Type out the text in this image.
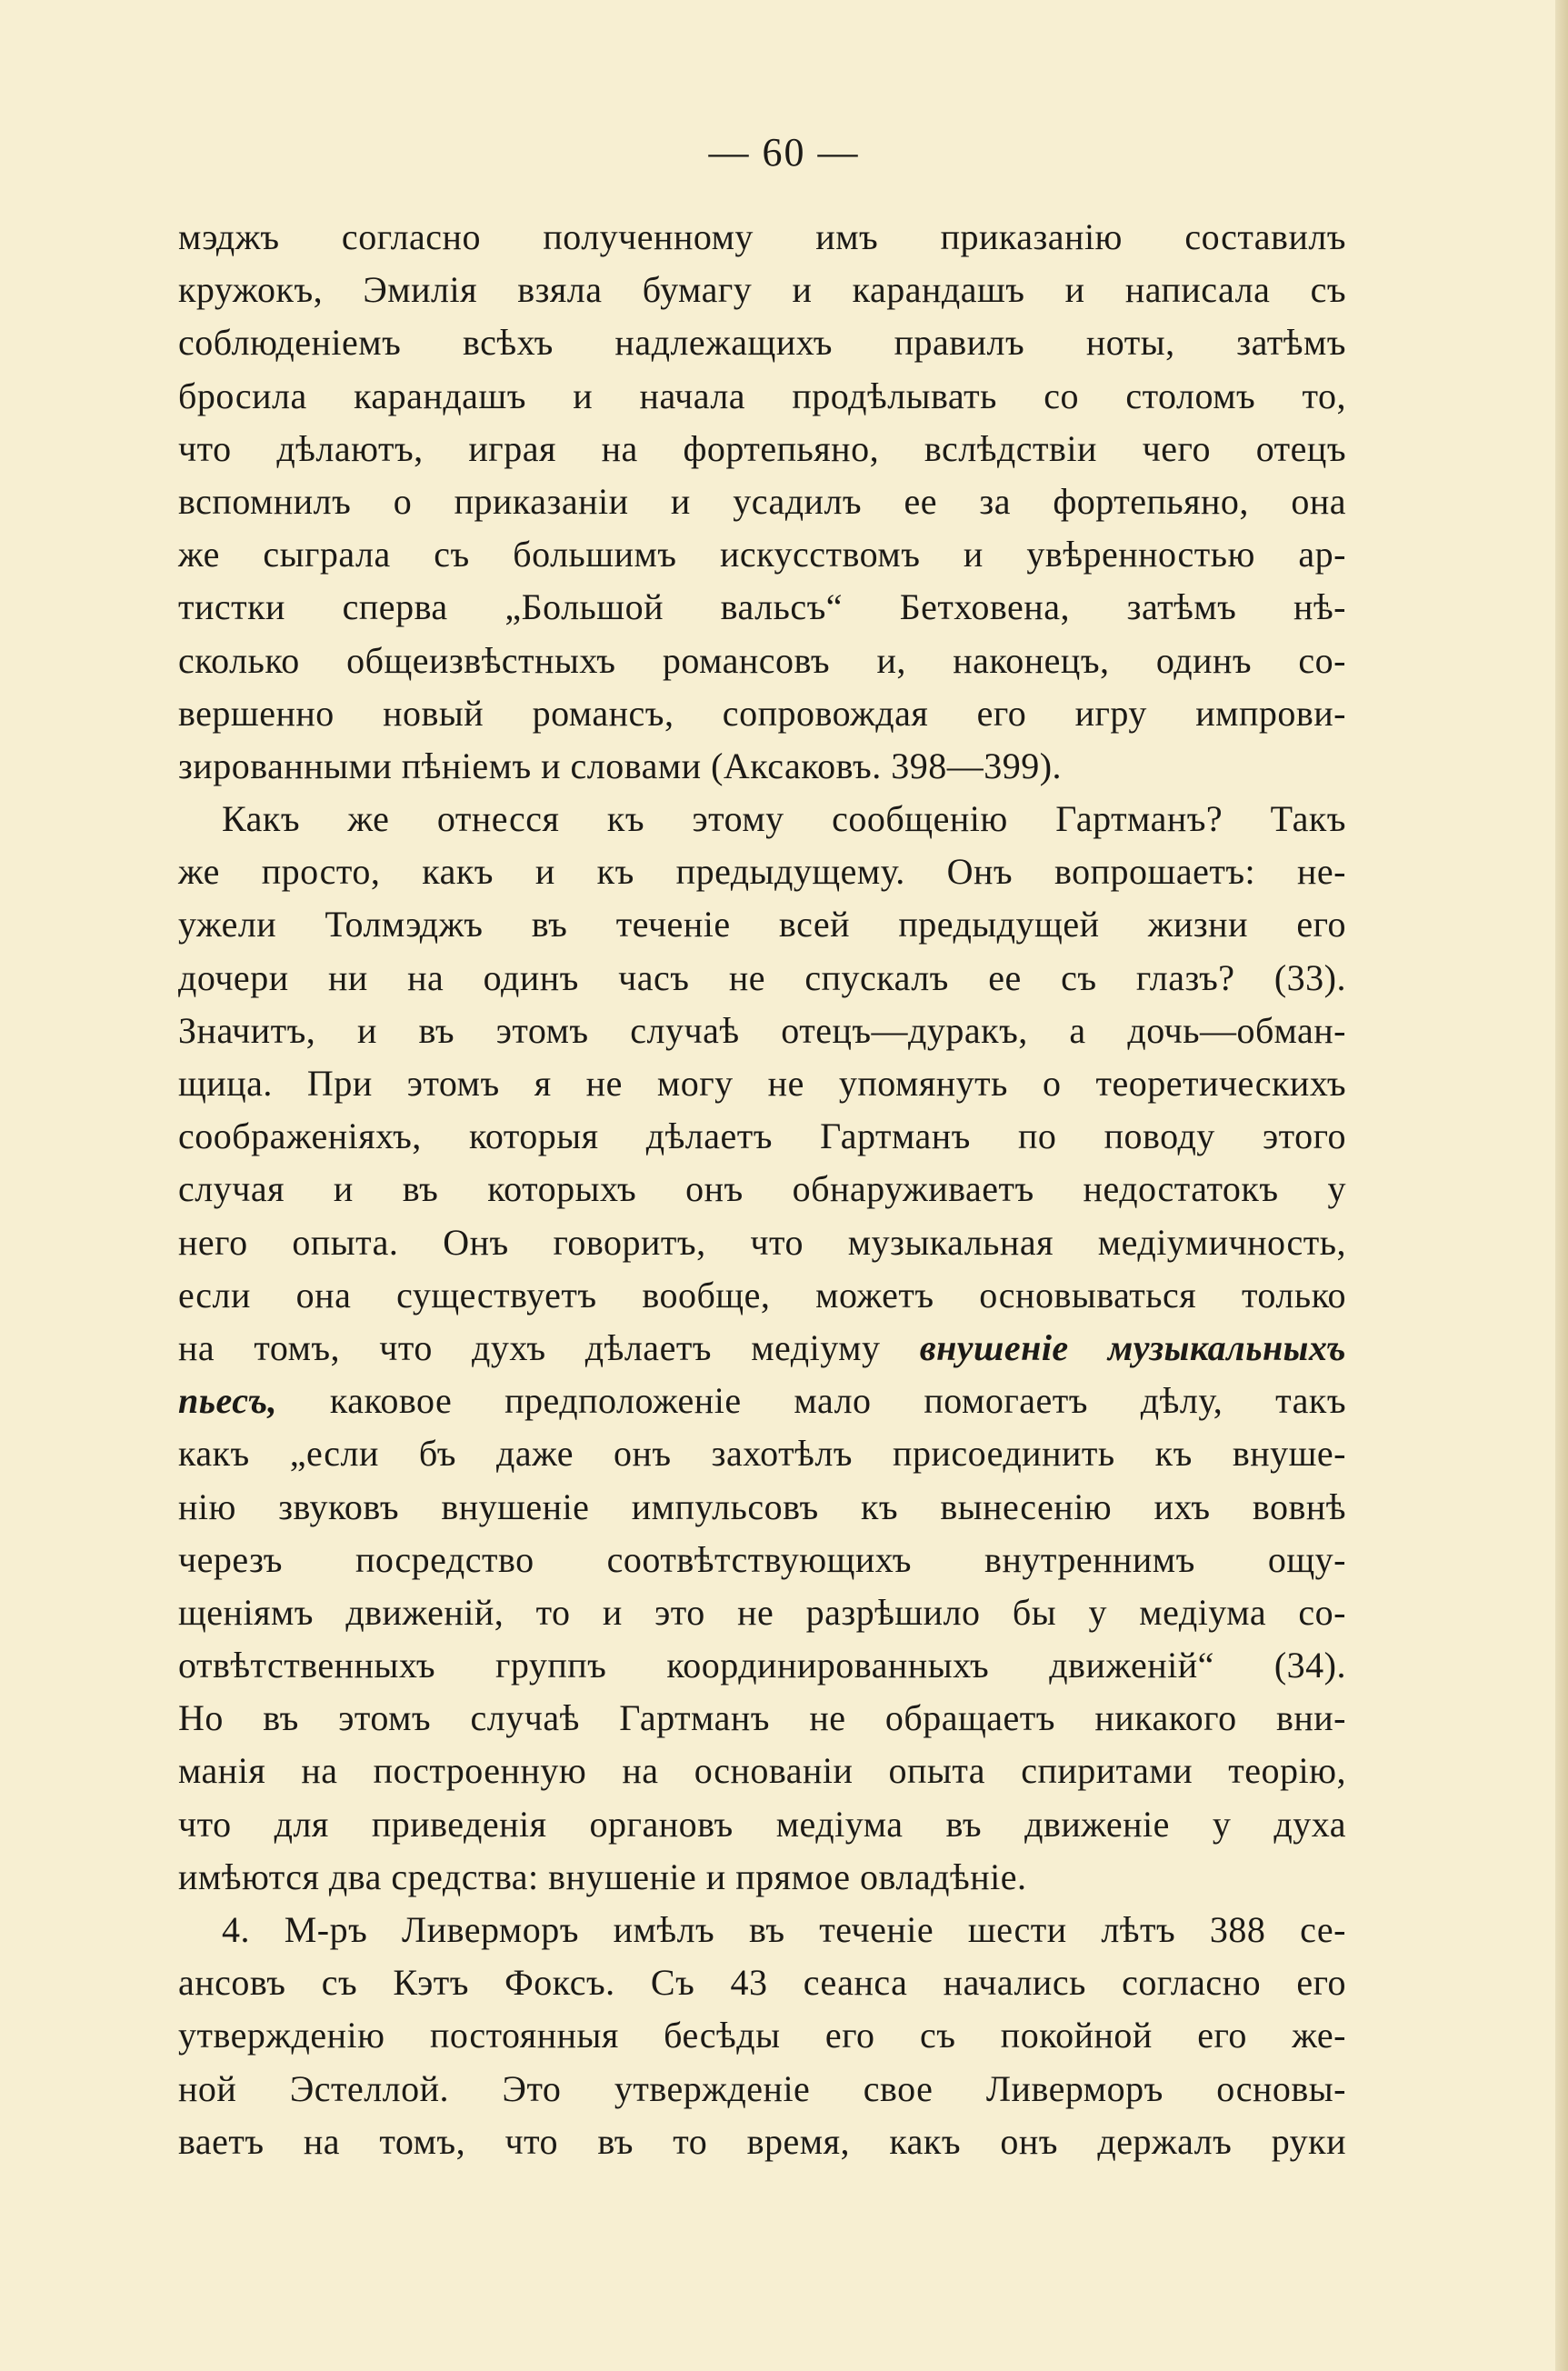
— 60 —
мэджъ согласно полученному имъ приказанію составилъ
кружокъ, Эмилія взяла бумагу и карандашъ и написала съ
соблюденіемъ всѣхъ надлежащихъ правилъ ноты, затѣмъ
бросила карандашъ и начала продѣлывать со столомъ то,
что дѣлаютъ, играя на фортепьяно, вслѣдствіи чего отецъ
вспомнилъ о приказаніи и усадилъ ее за фортепьяно, она
же сыграла съ большимъ искусствомъ и увѣренностью ар-
тистки сперва „Большой вальсъ“ Бетховена, затѣмъ нѣ-
сколько общеизвѣстныхъ романсовъ и, наконецъ, одинъ со-
вершенно новый романсъ, сопровождая его игру импрови-
зированными пѣніемъ и словами (Аксаковъ. 398—399).
Какъ же отнесся къ этому сообщенію Гартманъ? Такъ
же просто, какъ и къ предыдущему. Онъ вопрошаетъ: не-
ужели Толмэджъ въ теченіе всей предыдущей жизни его
дочери ни на одинъ часъ не спускалъ ее съ глазъ? (33).
Значитъ, и въ этомъ случаѣ отецъ—дуракъ, а дочь—обман-
щица. При этомъ я не могу не упомянуть о теоретическихъ
соображеніяхъ, которыя дѣлаетъ Гартманъ по поводу этого
случая и въ которыхъ онъ обнаруживаетъ недостатокъ у
него опыта. Онъ говоритъ, что музыкальная медіумичность,
если она существуетъ вообще, можетъ основываться только
на томъ, что духъ дѣлаетъ медіуму внушеніе музыкальныхъ
пьесъ, каковое предположеніе мало помогаетъ дѣлу, такъ
какъ „если бъ даже онъ захотѣлъ присоединить къ внуше-
нію звуковъ внушеніе импульсовъ къ вынесенію ихъ вовнѣ
черезъ посредство соотвѣтствующихъ внутреннимъ ощу-
щеніямъ движеній, то и это не разрѣшило бы у медіума со-
отвѣтственныхъ группъ координированныхъ движеній“ (34).
Но въ этомъ случаѣ Гартманъ не обращаетъ никакого вни-
манія на построенную на основаніи опыта спиритами теорію,
что для приведенія органовъ медіума въ движеніе у духа
имѣются два средства: внушеніе и прямое овладѣніе.
4. М-ръ Ливерморъ имѣлъ въ теченіе шести лѣтъ 388 се-
ансовъ съ Кэтъ Фоксъ. Съ 43 сеанса начались согласно его
утвержденію постоянныя бесѣды его съ покойной его же-
ной Эстеллой. Это утвержденіе свое Ливерморъ основы-
ваетъ на томъ, что въ то время, какъ онъ держалъ руки
